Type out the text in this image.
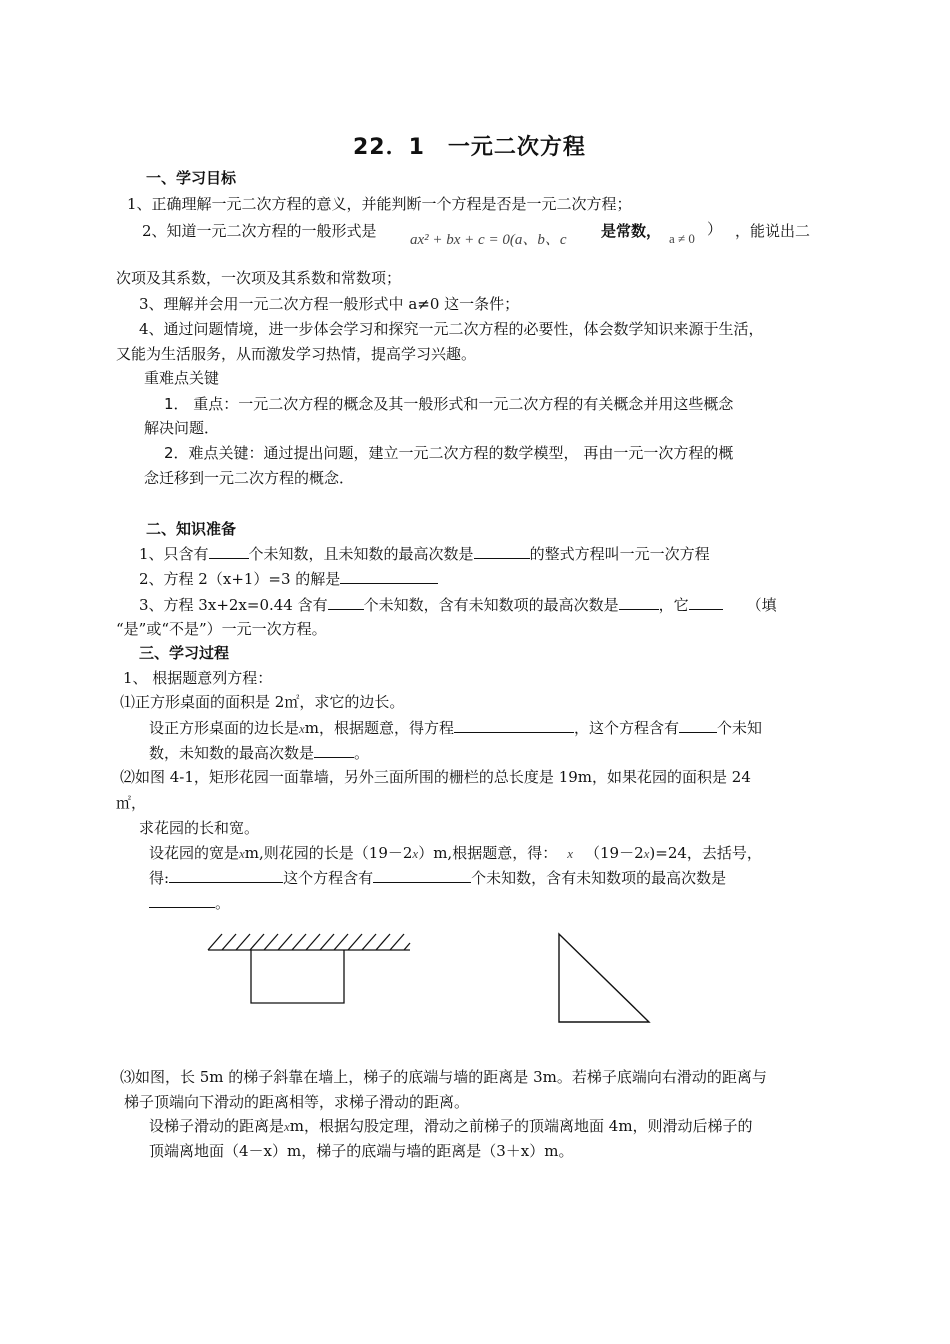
22．1　一元二次方程
一、学习目标
1、正确理解一元二次方程的意义，并能判断一个方程是否是一元二次方程；
2、知道一元二次方程的一般形式是 ax² + bx + c = 0(a、b、c 是常数， a ≠ 0
） ，能说出二
次项及其系数，一次项及其系数和常数项；
3、理解并会用一元二次方程一般形式中 a≠0 这一条件；
4、通过问题情境，进一步体会学习和探究一元二次方程的必要性，体会数学知识来源于生活，
又能为生活服务，从而激发学习热情，提高学习兴趣。
重难点关键
1． 重点：一元二次方程的概念及其一般形式和一元二次方程的有关概念并用这些概念
解决问题．
2．难点关键：通过提出问题，建立一元二次方程的数学模型， 再由一元一次方程的概
念迁移到一元二次方程的概念．
二、知识准备
1、只含有	个未知数，且未知数的最高次数是	的整式方程叫一元一次方程
2、方程 2（x+1）=3 的解是
3、方程 3x+2x=0.44 含有 个未知数，含有未知数项的最高次数是	，它	（填
“是”或“不是”）一元一次方程。
三、学习过程
1、 根据题意列方程：
⑴正方形桌面的面积是 2㎡，求它的边长。
设正方形桌面的边长是xm，根据题意，得方程	，这个方程含有	个未知
数，未知数的最高次数是	。
⑵如图 4-1，矩形花园一面靠墙，另外三面所围的栅栏的总长度是 19m，如果花园的面积是 24
㎡，
求花园的长和宽。
设花园的宽是xm,则花园的长是（19－2x）m,根据题意，得： x （19－2x)=24，去括号，
得:	这个方程含有	个未知数，含有未知数项的最高次数是
。
⑶如图，长 5m 的梯子斜靠在墙上，梯子的底端与墙的距离是 3m。若梯子底端向右滑动的距离与
梯子顶端向下滑动的距离相等，求梯子滑动的距离。
设梯子滑动的距离是xm，根据勾股定理，滑动之前梯子的顶端离地面 4m，则滑动后梯子的
顶端离地面（4－x）m，梯子的底端与墙的距离是（3＋x）m。
